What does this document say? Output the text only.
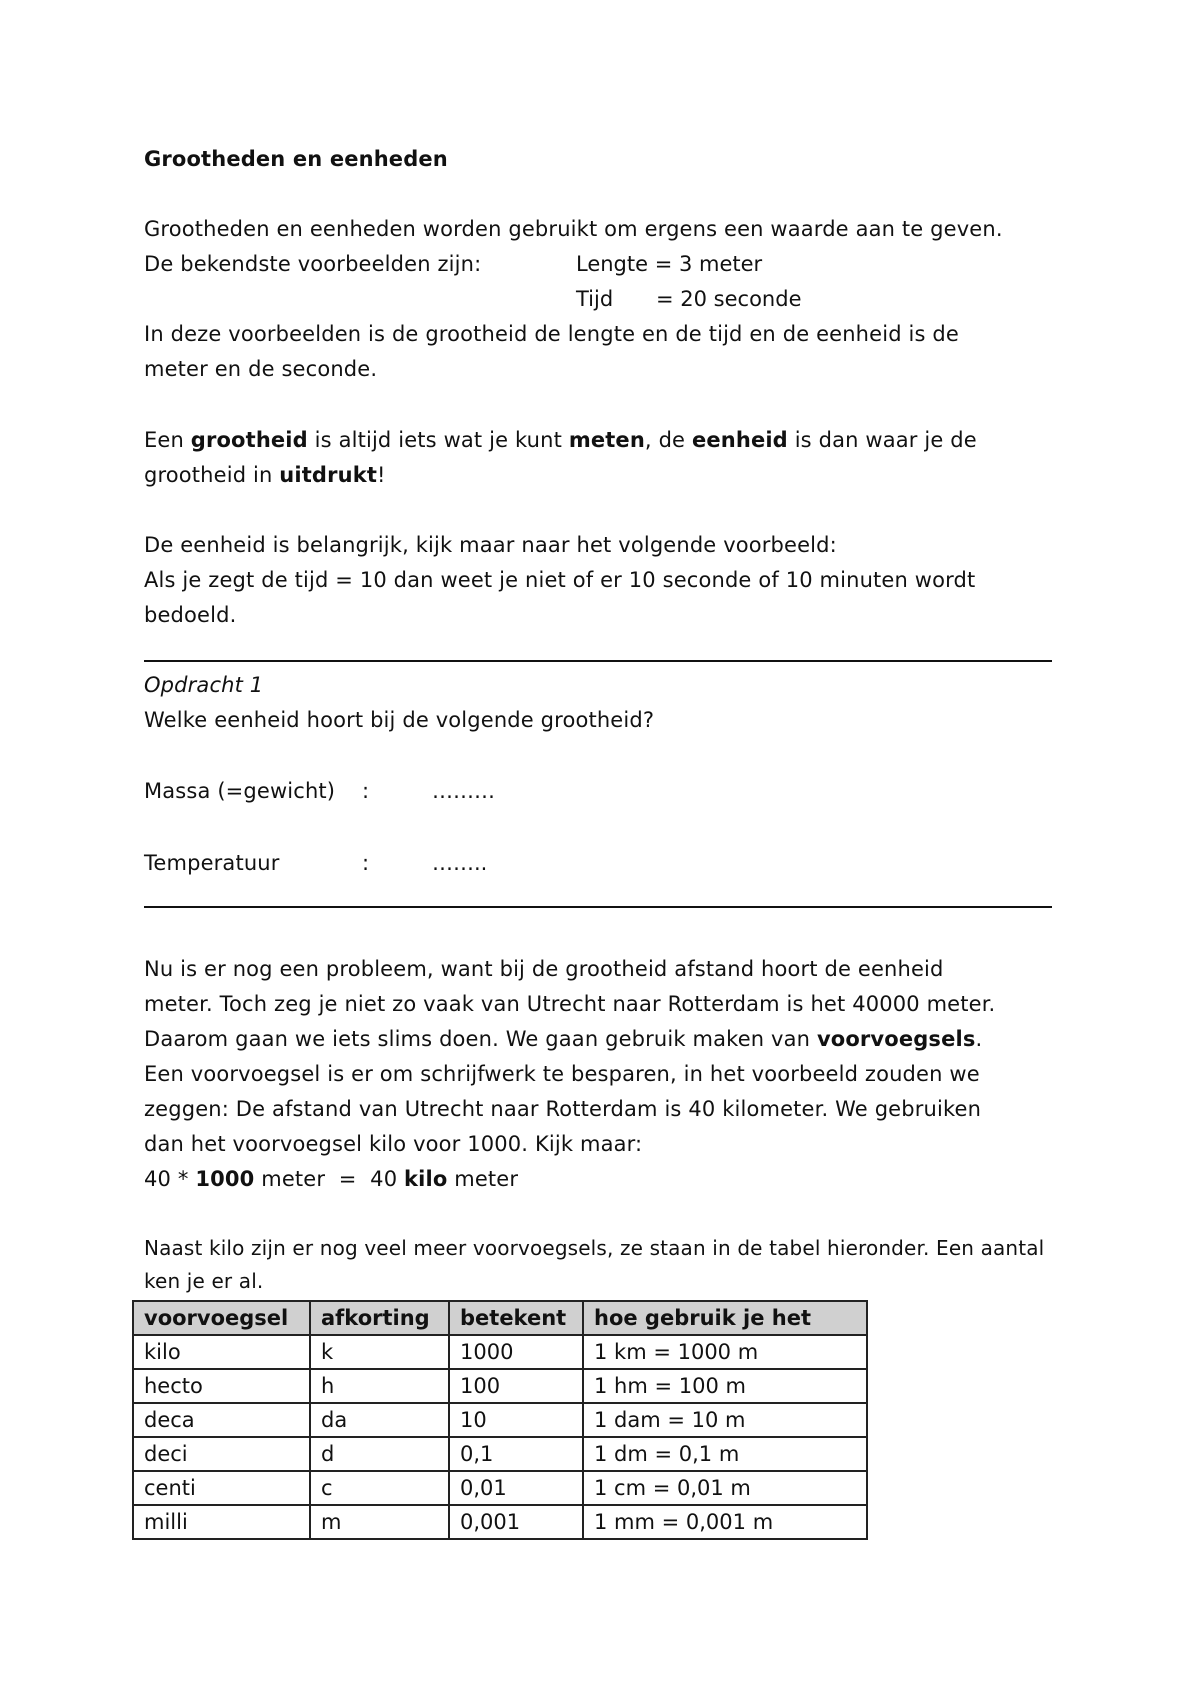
Grootheden en eenheden

Grootheden en eenheden worden gebruikt om ergens een waarde aan te geven.

De bekendste voorbeelden zijn:	Lengte = 3 meter

Tijd = 20 seconde

In deze voorbeelden is de grootheid de lengte en de tijd en de eenheid is de

meter en de seconde.

Een grootheid is altijd iets wat je kunt meten, de eenheid is dan waar je de

grootheid in uitdrukt!

De eenheid is belangrijk, kijk maar naar het volgende voorbeeld:

Als je zegt de tijd = 10 dan weet je niet of er 10 seconde of 10 minuten wordt

bedoeld.

Opdracht 1

Welke eenheid hoort bij de volgende grootheid?

Massa (=gewicht) :	………

Temperatuur	:	……..

Nu is er nog een probleem, want bij de grootheid afstand hoort de eenheid

meter. Toch zeg je niet zo vaak van Utrecht naar Rotterdam is het 40000 meter.

Daarom gaan we iets slims doen. We gaan gebruik maken van voorvoegsels.

Een voorvoegsel is er om schrijfwerk te besparen, in het voorbeeld zouden we

zeggen: De afstand van Utrecht naar Rotterdam is 40 kilometer. We gebruiken

dan het voorvoegsel kilo voor 1000. Kijk maar:

40 * 1000 meter  =  40 kilo meter

Naast kilo zijn er nog veel meer voorvoegsels, ze staan in de tabel hieronder. Een aantal

ken je er al.

voorvoegsel	afkorting	betekent	hoe gebruik je het
kilo	k	1000	1 km = 1000 m
hecto	h	100	1 hm = 100 m
deca	da	10	1 dam = 10 m
deci	d	0,1	1 dm = 0,1 m
centi	c	0,01	1 cm = 0,01 m
milli	m	0,001	1 mm = 0,001 m
